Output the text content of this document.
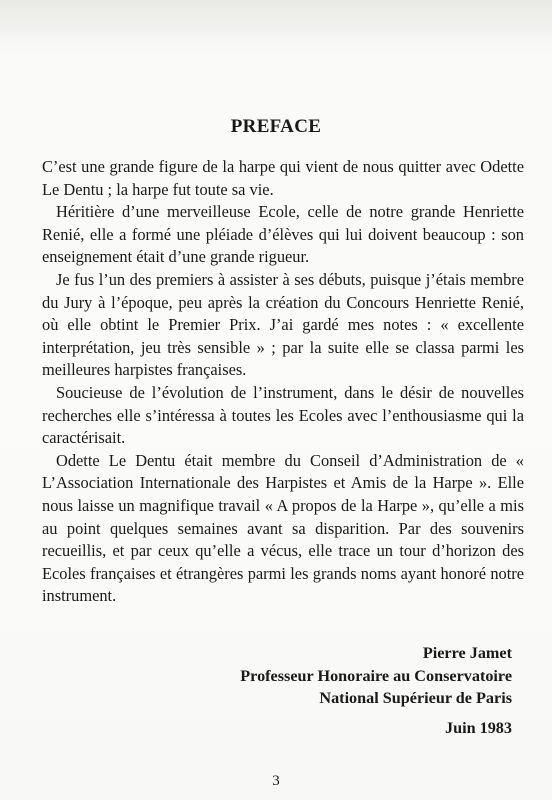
PREFACE

C’est une grande figure de la harpe qui vient de nous quitter avec Odette Le Dentu ; la harpe fut toute sa vie.

Héritière d’une merveilleuse Ecole, celle de notre grande Henriette Renié, elle a formé une pléiade d’élèves qui lui doivent beaucoup : son enseignement était d’une grande rigueur.

Je fus l’un des premiers à assister à ses débuts, puisque j’étais membre du Jury à l’époque, peu après la création du Concours Henriette Renié, où elle obtint le Premier Prix. J’ai gardé mes notes : « excellente interprétation, jeu très sensible » ; par la suite elle se classa parmi les meilleures harpistes françaises.

Soucieuse de l’évolution de l’instrument, dans le désir de nouvelles recherches elle s’intéressa à toutes les Ecoles avec l’enthousiasme qui la caractérisait.

Odette Le Dentu était membre du Conseil d’Administration de « L’Association Internationale des Harpistes et Amis de la Harpe ». Elle nous laisse un magnifique travail « A propos de la Harpe », qu’elle a mis au point quelques semaines avant sa disparition. Par des souvenirs recueillis, et par ceux qu’elle a vécus, elle trace un tour d’horizon des Ecoles françaises et étrangères parmi les grands noms ayant honoré notre instrument.

Pierre Jamet
Professeur Honoraire au Conservatoire
National Supérieur de Paris
Juin 1983
3
